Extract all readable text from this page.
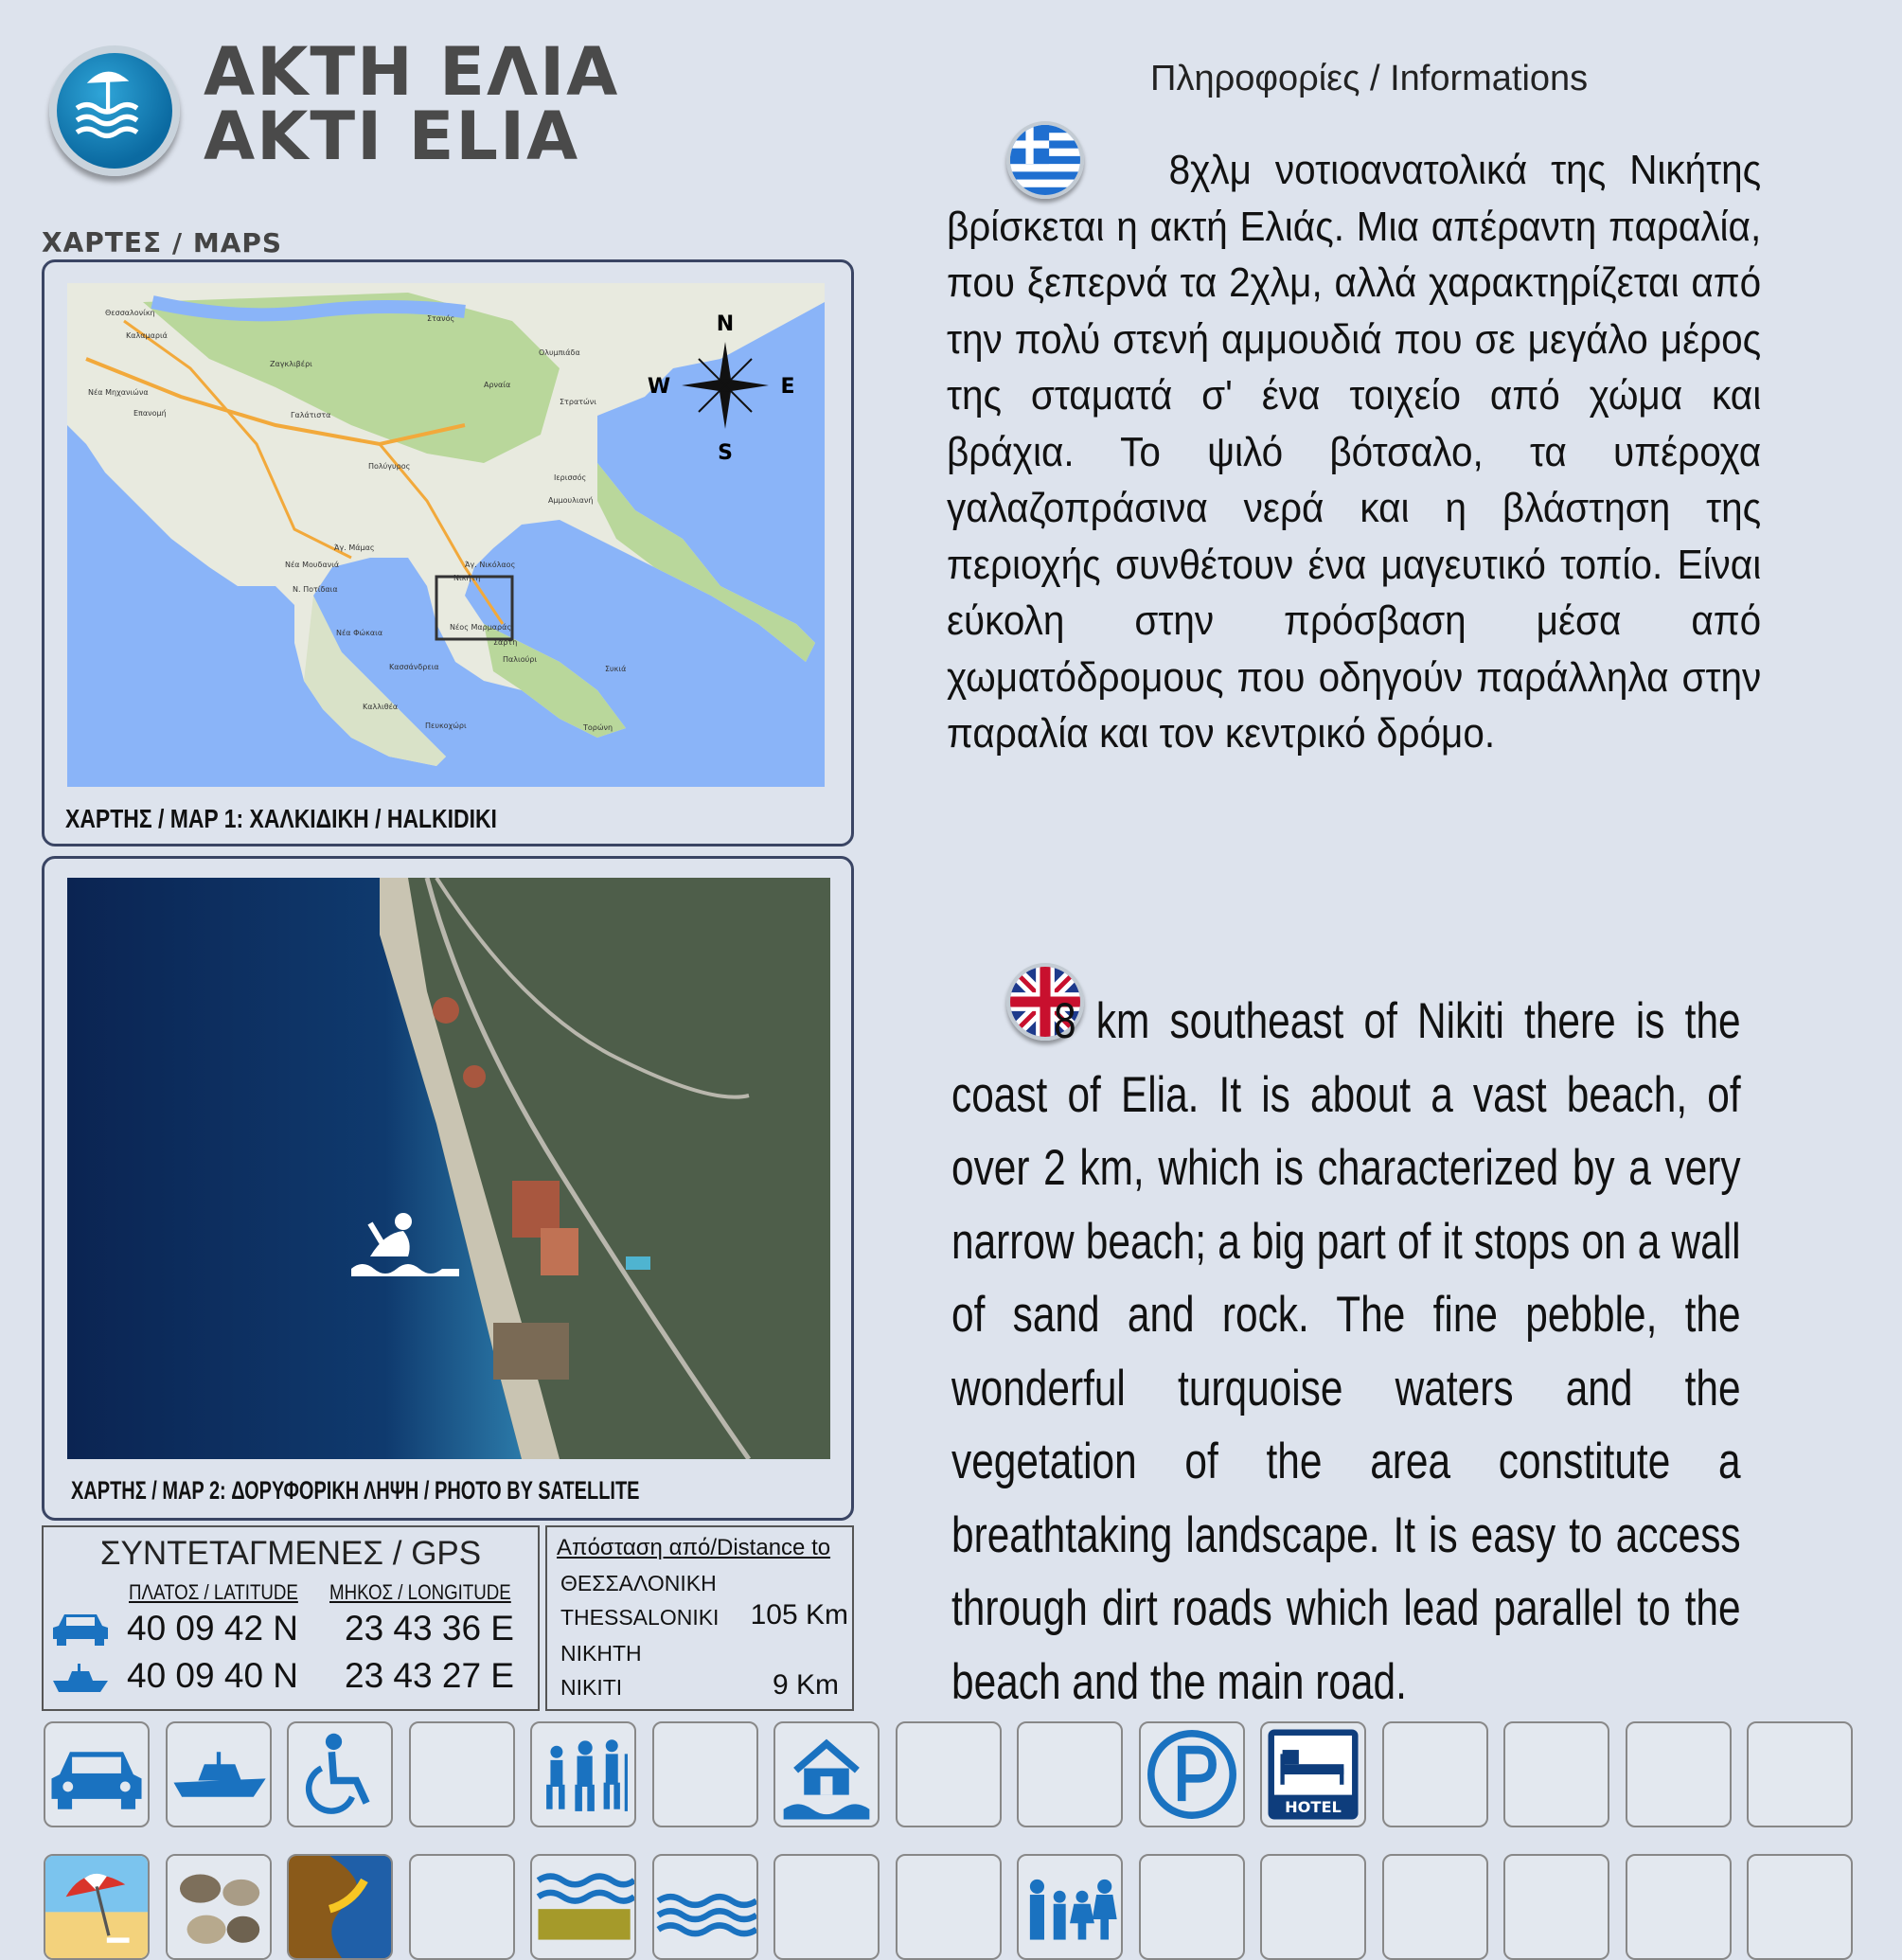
ΑΚΤΗ ΕΛΙΑ
AKTI ELIA
ΧΑΡΤΕΣ / MAPS
N
S
E
W
Θεσσαλονίκη
Καλαμαριά
Νέα Μηχανιώνα
Επανομή
Νέα Μουδανιά
Άγ. Μάμας
Ν. Ποτίδαια
Πολύγυρος
Γαλάτιστα
Ζαγκλιβέρι
Στανός
Νέος Μαρμαράς
Νικήτη
Σάρτη
Αμμουλιανή
Ιερισσός
Στρατώνι
Κασσάνδρεια
Πευκοχώρι
Παλιούρι
Καλλιθέα
Νέα Φώκαια
Τορώνη
Συκιά
Άγ. Νικόλαος
Ολυμπιάδα
Αρναία
ΧΑΡΤΗΣ / MAP 1: ΧΑΛΚΙΔΙΚΗ / HALKIDIKI
ΧΑΡΤΗΣ / MAP 2: ΔΟΡΥΦΟΡΙΚΗ ΛΗΨΗ / PHOTO BY SATELLITE
Πληροφορίες / Informations
8χλμ νοτιοανατολικά της Νικήτης βρίσκεται η ακτή Ελιάς. Μια απέραντη παραλία, που ξεπερνά τα 2χλμ, αλλά χαρακτηρίζεται από την πολύ στενή αμμουδιά που σε μεγάλο μέρος της σταματά σ' ένα τοιχείο από χώμα και βράχια. Το ψιλό βότσαλο, τα υπέροχα γαλαζοπράσινα νερά και η βλάστηση της περιοχής συνθέτουν ένα μαγευτικό τοπίο. Είναι εύκολη στην πρόσβαση μέσα από χωματόδρομους που οδηγούν παράλληλα στην παραλία και τον κεντρικό δρόμο.
8 km southeast of Nikiti there is the coast of Elia. It is about a vast beach, of over 2 km, which is characterized by a very narrow beach; a big part of it stops on a wall of sand and rock. The fine pebble, the wonderful turquoise waters and the vegetation of the area constitute a breathtaking landscape. It is easy to access through dirt roads which lead parallel to the beach and the main road.
ΣΥΝΤΕΤΑΓΜΕΝΕΣ / GPS
ΠΛΑΤΟΣ / LATITUDE ΜΗΚΟΣ / LONGITUDE
40 09 42 N 23 43 36 E
40 09 40 N 23 43 27 E
Απόσταση από/Distance to
ΘΕΣΣΑΛΟΝΙΚΗ
THESSALONIKI 105 Km
ΝΙΚΗΤΗ
NIKITI	9 Km
HOTEL
